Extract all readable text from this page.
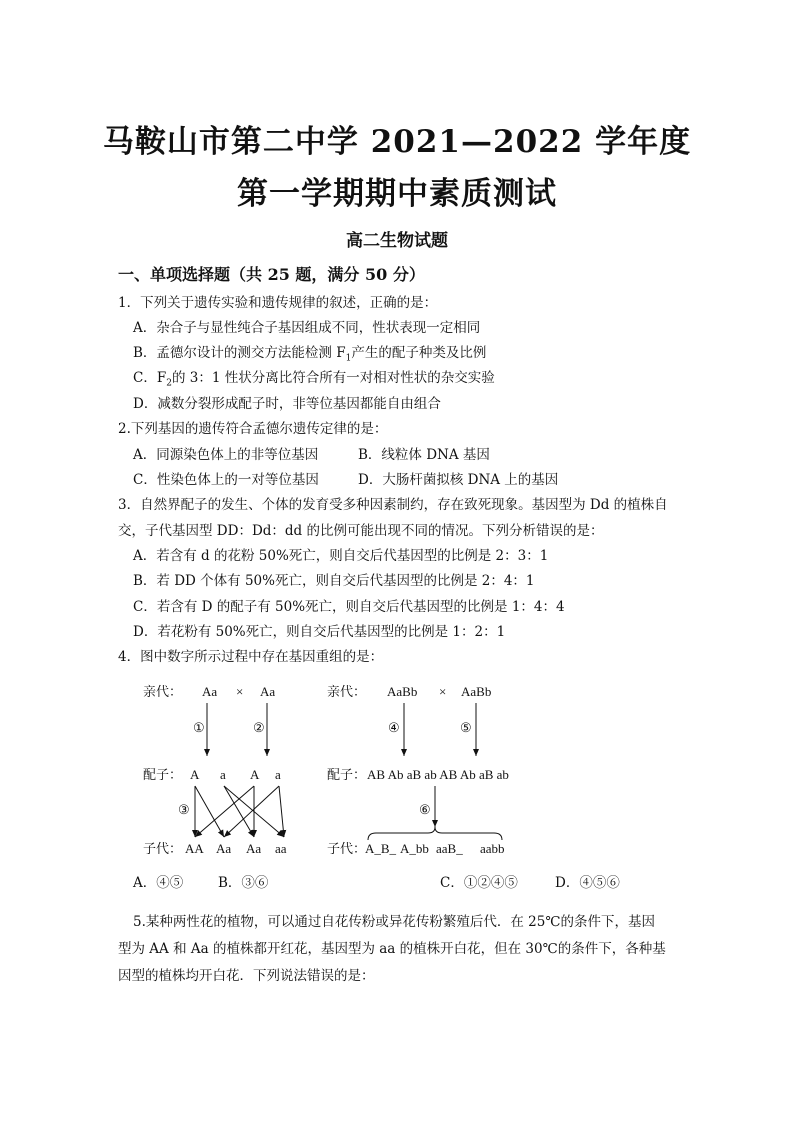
马鞍山市第二中学 2021—2022 学年度
第一学期期中素质测试
高二生物试题
一、单项选择题（共 25 题，满分 50 分）
1．下列关于遗传实验和遗传规律的叙述，正确的是：
A．杂合子与显性纯合子基因组成不同，性状表现一定相同
B．孟德尔设计的测交方法能检测 $F_1$产生的配子种类及比例
C．$F_2$的 3：1 性状分离比符合所有一对相对性状的杂交实验
D．减数分裂形成配子时，非等位基因都能自由组合
2.下列基因的遗传符合孟德尔遗传定律的是：
A．同源染色体上的非等位基因	B．线粒体 DNA 基因
C．性染色体上的一对等位基因	D．大肠杆菌拟核 DNA 上的基因
3．自然界配子的发生、个体的发育受多种因素制约，存在致死现象。基因型为 Dd 的植株自
交，子代基因型 DD：Dd：dd 的比例可能出现不同的情况。下列分析错误的是：
A．若含有 d 的花粉 50%死亡，则自交后代基因型的比例是 2：3：1
B．若 DD 个体有 50%死亡，则自交后代基因型的比例是 2：4：1
C．若含有 D 的配子有 50%死亡，则自交后代基因型的比例是 1：4：4
D．若花粉有 50%死亡，则自交后代基因型的比例是 1：2：1
4．图中数字所示过程中存在基因重组的是：
亲代： Aa × Aa
①	②
配子： A a A a
③
子代： AA Aa Aa aa
亲代： AaBb × AaBb
④	⑤
配子： AB Ab aB ab AB Ab aB ab
⑥
子代：
A_B_ A_bb aaB_ aabb
A．④⑤	B．③⑥	C．①②④⑤	D．④⑤⑥
5.某种两性花的植物，可以通过自花传粉或异花传粉繁殖后代．在 25℃的条件下，基因
型为 AA 和 Aa 的植株都开红花，基因型为 aa 的植株开白花，但在 30℃的条件下，各种基
因型的植株均开白花．下列说法错误的是：
